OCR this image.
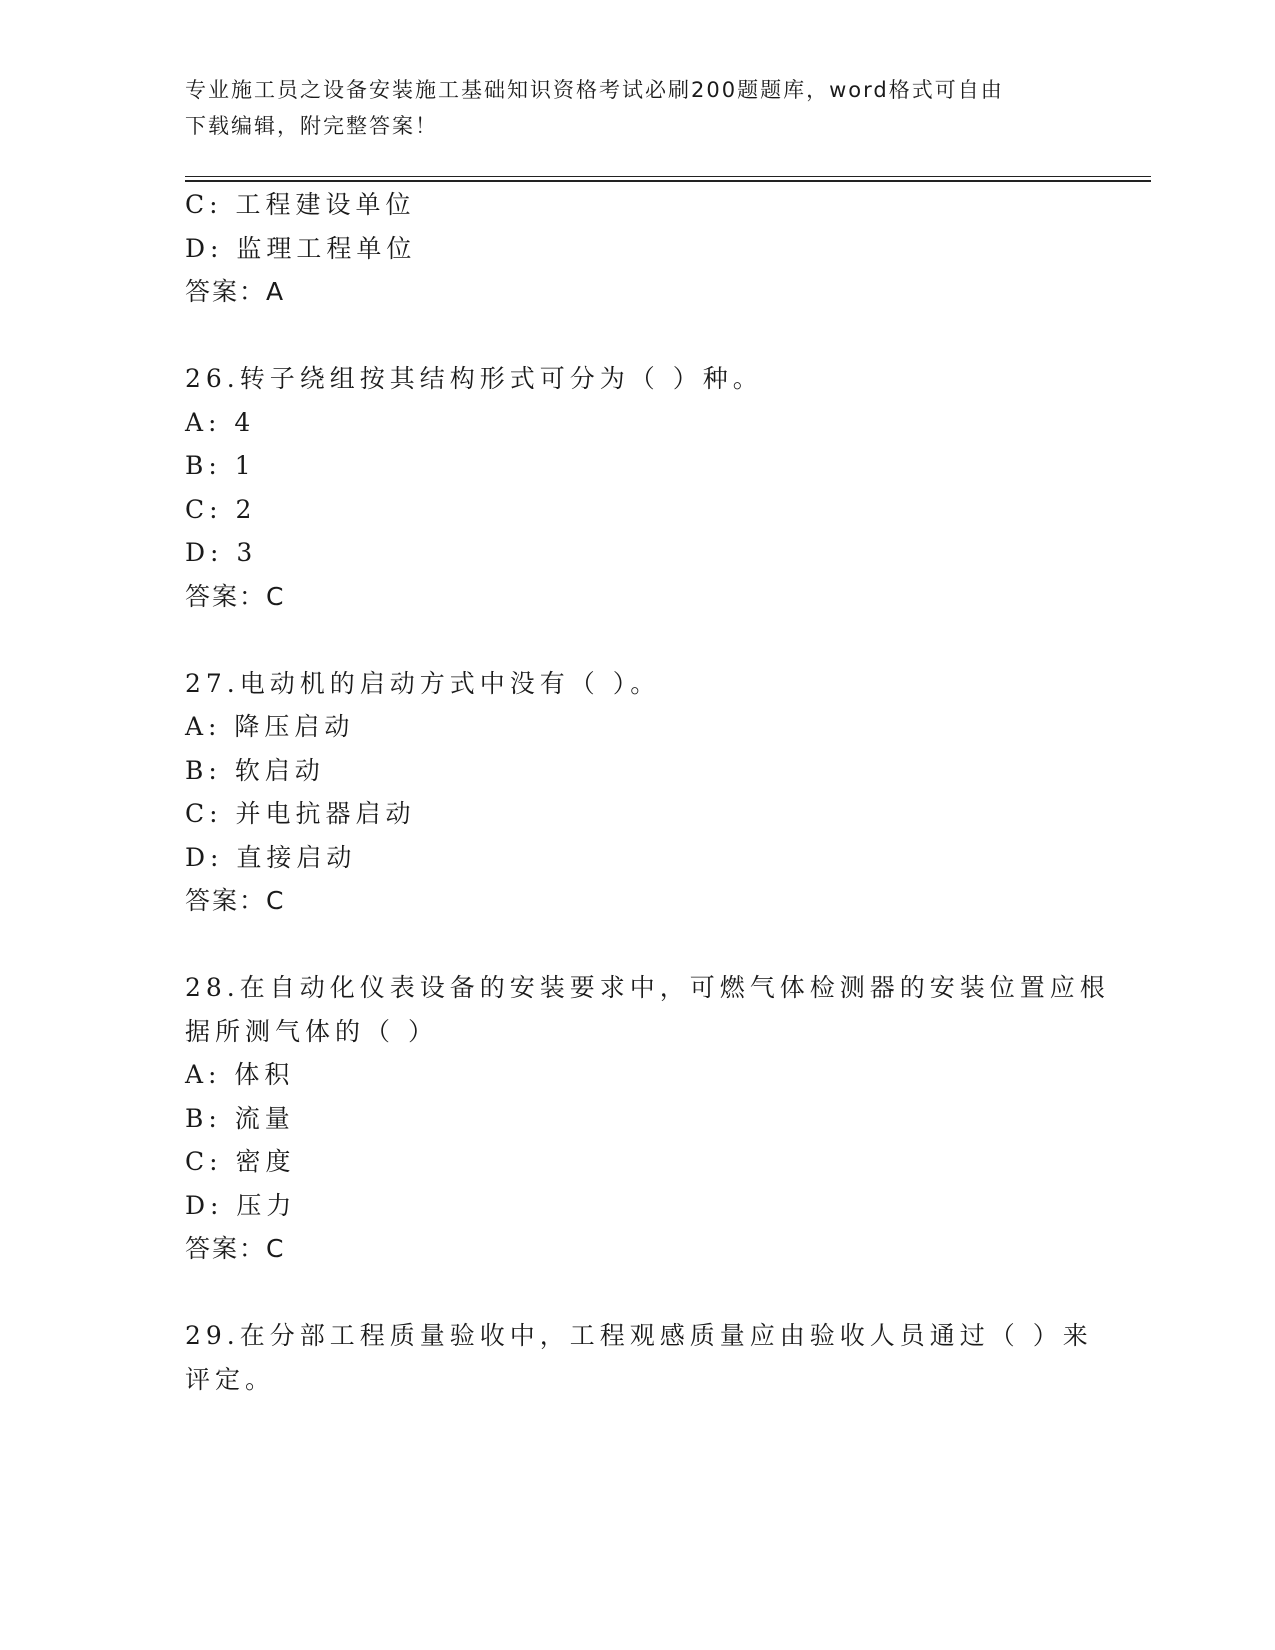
专业施工员之设备安装施工基础知识资格考试必刷200题题库，word格式可自由
下载编辑，附完整答案！
C: 工程建设单位
D: 监理工程单位
答案：A
26.转子绕组按其结构形式可分为（ ）种。
A: 4
B: 1
C: 2
D: 3
答案：C
27.电动机的启动方式中没有（ ）。
A: 降压启动
B: 软启动
C: 并电抗器启动
D: 直接启动
答案：C
28.在自动化仪表设备的安装要求中，可燃气体检测器的安装位置应根
据所测气体的（ ）
A: 体积
B: 流量
C: 密度
D: 压力
答案：C
29.在分部工程质量验收中，工程观感质量应由验收人员通过（ ）来
评定。
